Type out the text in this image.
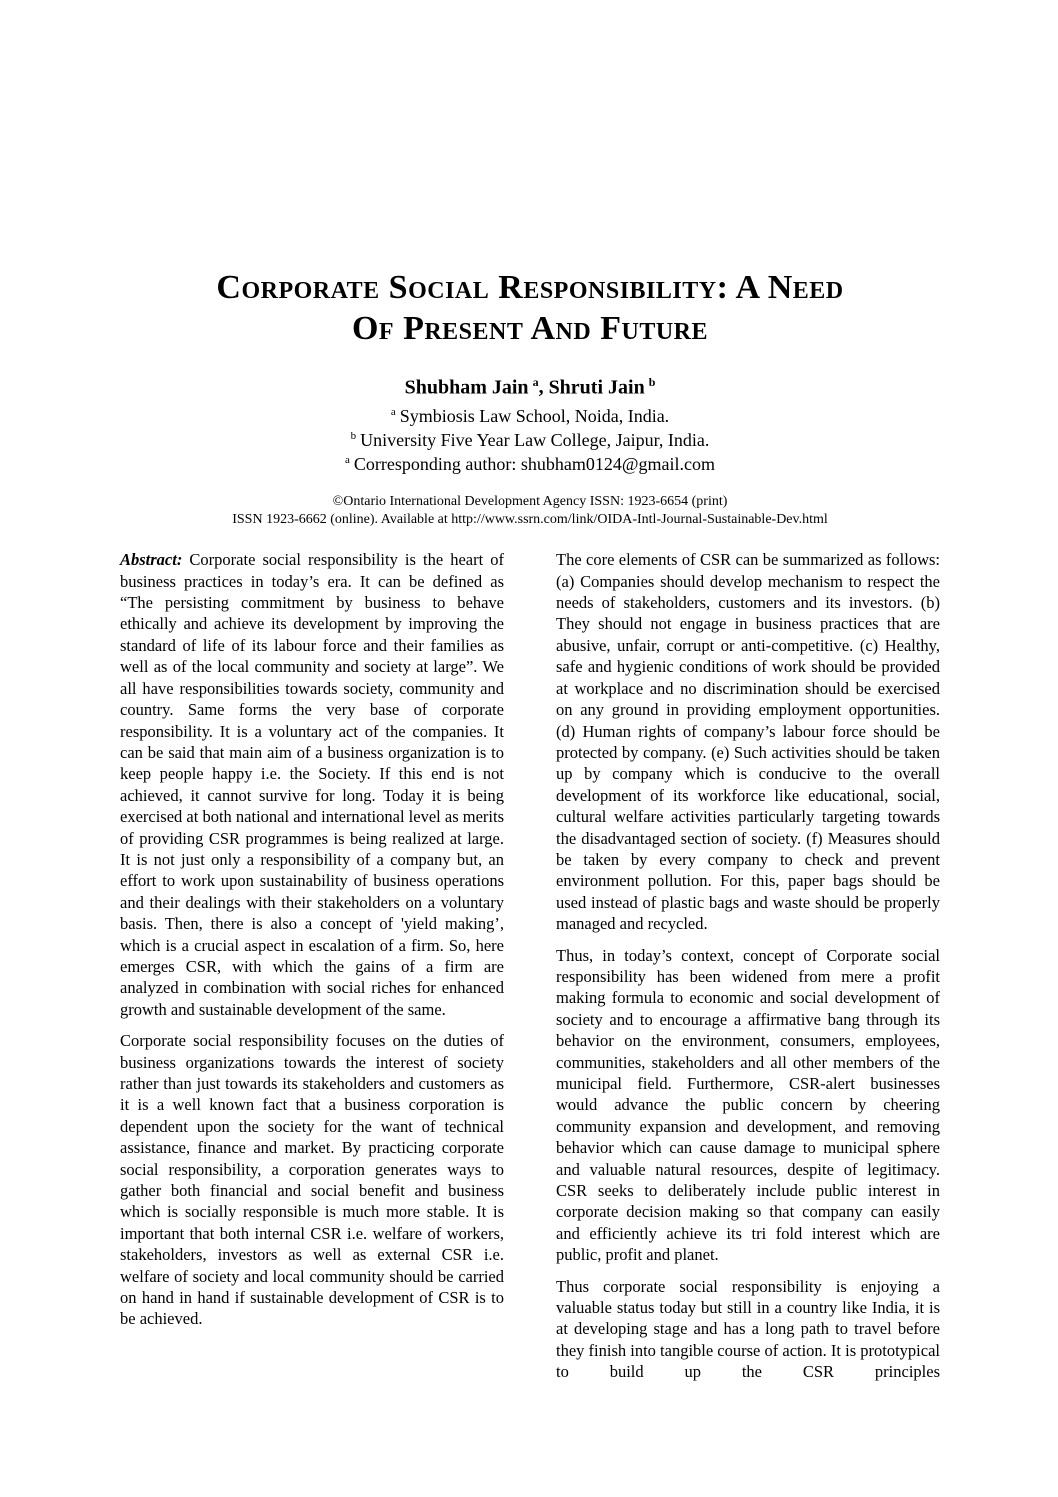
Corporate Social Responsibility: A Need
Of Present And Future
Shubham Jain $^a$, Shruti Jain $^b$
$^a$ Symbiosis Law School, Noida, India.
$^b$ University Five Year Law College, Jaipur, India.
$^a$ Corresponding author: shubham0124@gmail.com
©Ontario International Development Agency ISSN: 1923-6654 (print)
ISSN 1923-6662 (online). Available at http://www.ssrn.com/link/OIDA-Intl-Journal-Sustainable-Dev.html

Abstract: Corporate social responsibility is the heart of business practices in today’s era. It can be defined as “The persisting commitment by business to behave ethically and achieve its development by improving the standard of life of its labour force and their families as well as of the local community and society at large”. We all have responsibilities towards society, community and country. Same forms the very base of corporate responsibility. It is a voluntary act of the companies. It can be said that main aim of a business organization is to keep people happy i.e. the Society. If this end is not achieved, it cannot survive for long. Today it is being exercised at both national and international level as merits of providing CSR programmes is being realized at large. It is not just only a responsibility of a company but, an effort to work upon sustainability of business operations and their dealings with their stakeholders on a voluntary basis. Then, there is also a concept of 'yield making’, which is a crucial aspect in escalation of a firm. So, here emerges CSR, with which the gains of a firm are analyzed in combination with social riches for enhanced growth and sustainable development of the same.

Corporate social responsibility focuses on the duties of business organizations towards the interest of society rather than just towards its stakeholders and customers as it is a well known fact that a business corporation is dependent upon the society for the want of technical assistance, finance and market. By practicing corporate social responsibility, a corporation generates ways to gather both financial and social benefit and business which is socially responsible is much more stable. It is important that both internal CSR i.e. welfare of workers, stakeholders, investors as well as external CSR i.e. welfare of society and local community should be carried on hand in hand if sustainable development of CSR is to be achieved.

The core elements of CSR can be summarized as follows: (a) Companies should develop mechanism to respect the needs of stakeholders, customers and its investors. (b) They should not engage in business practices that are abusive, unfair, corrupt or anti-competitive. (c) Healthy, safe and hygienic conditions of work should be provided at workplace and no discrimination should be exercised on any ground in providing employment opportunities. (d) Human rights of company’s labour force should be protected by company. (e) Such activities should be taken up by company which is conducive to the overall development of its workforce like educational, social, cultural welfare activities particularly targeting towards the disadvantaged section of society. (f) Measures should be taken by every company to check and prevent environment pollution. For this, paper bags should be used instead of plastic bags and waste should be properly managed and recycled.

Thus, in today’s context, concept of Corporate social responsibility has been widened from mere a profit making formula to economic and social development of society and to encourage a affirmative bang through its behavior on the environment, consumers, employees, communities, stakeholders and all other members of the municipal field. Furthermore, CSR-alert businesses would advance the public concern by cheering community expansion and development, and removing behavior which can cause damage to municipal sphere and valuable natural resources, despite of legitimacy. CSR seeks to deliberately include public interest in corporate decision making so that company can easily and efficiently achieve its tri fold interest which are public, profit and planet.

Thus corporate social responsibility is enjoying a valuable status today but still in a country like India, it is at developing stage and has a long path to travel before they finish into tangible course of action. It is prototypical to build up the CSR principles
